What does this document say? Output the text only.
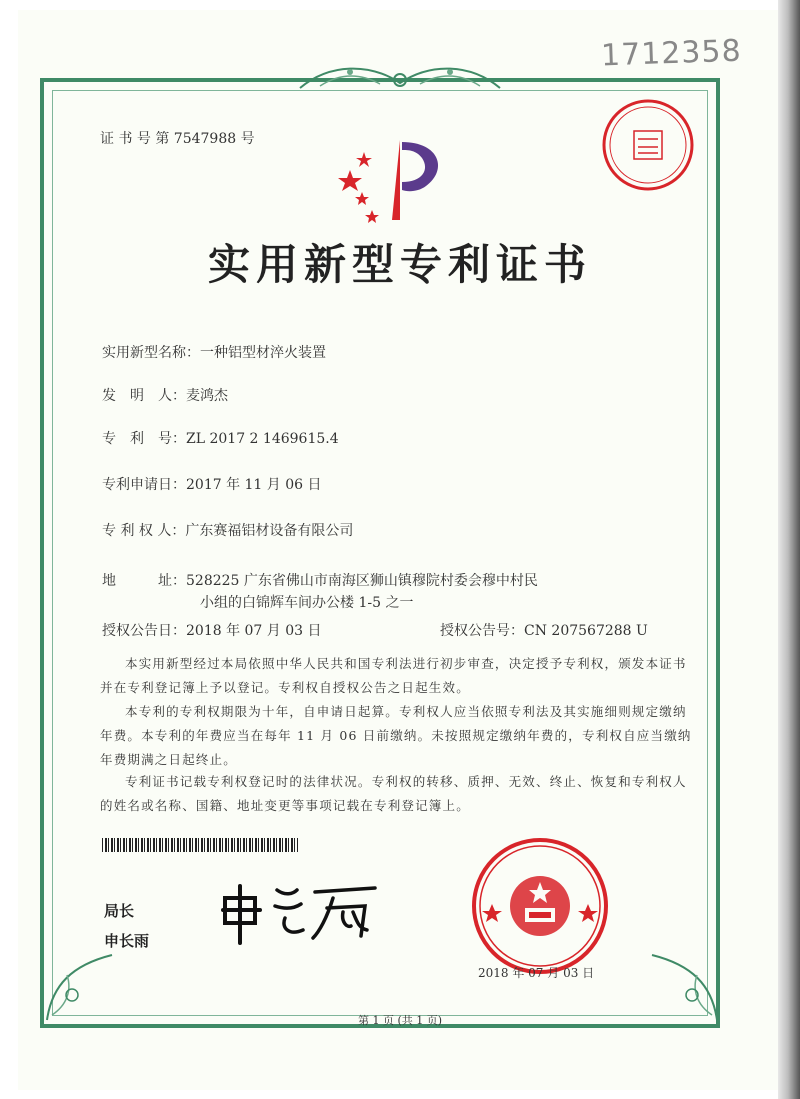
1712358
证 书 号 第 7547988 号
实用新型专利证书
实用新型名称：一种铝型材淬火装置
发　明　人：麦鸿杰
专　利　号：ZL 2017 2 1469615.4
专利申请日：2017 年 11 月 06 日
专 利 权 人：广东赛福铝材设备有限公司
地　　　址：528225 广东省佛山市南海区狮山镇穆院村委会穆中村民
小组的白锦辉车间办公楼 1-5 之一
授权公告日：2018 年 07 月 03 日	授权公告号：CN 207567288 U
本实用新型经过本局依照中华人民共和国专利法进行初步审查，决定授予专利权，颁发本证书并在专利登记簿上予以登记。专利权自授权公告之日起生效。
本专利的专利权期限为十年，自申请日起算。专利权人应当依照专利法及其实施细则规定缴纳年费。本专利的年费应当在每年 11 月 06 日前缴纳。未按照规定缴纳年费的，专利权自应当缴纳年费期满之日起终止。
专利证书记载专利权登记时的法律状况。专利权的转移、质押、无效、终止、恢复和专利权人的姓名或名称、国籍、地址变更等事项记载在专利登记簿上。
局长
申长雨
2018 年 07 月 03 日
第 1 页 (共 1 页)
